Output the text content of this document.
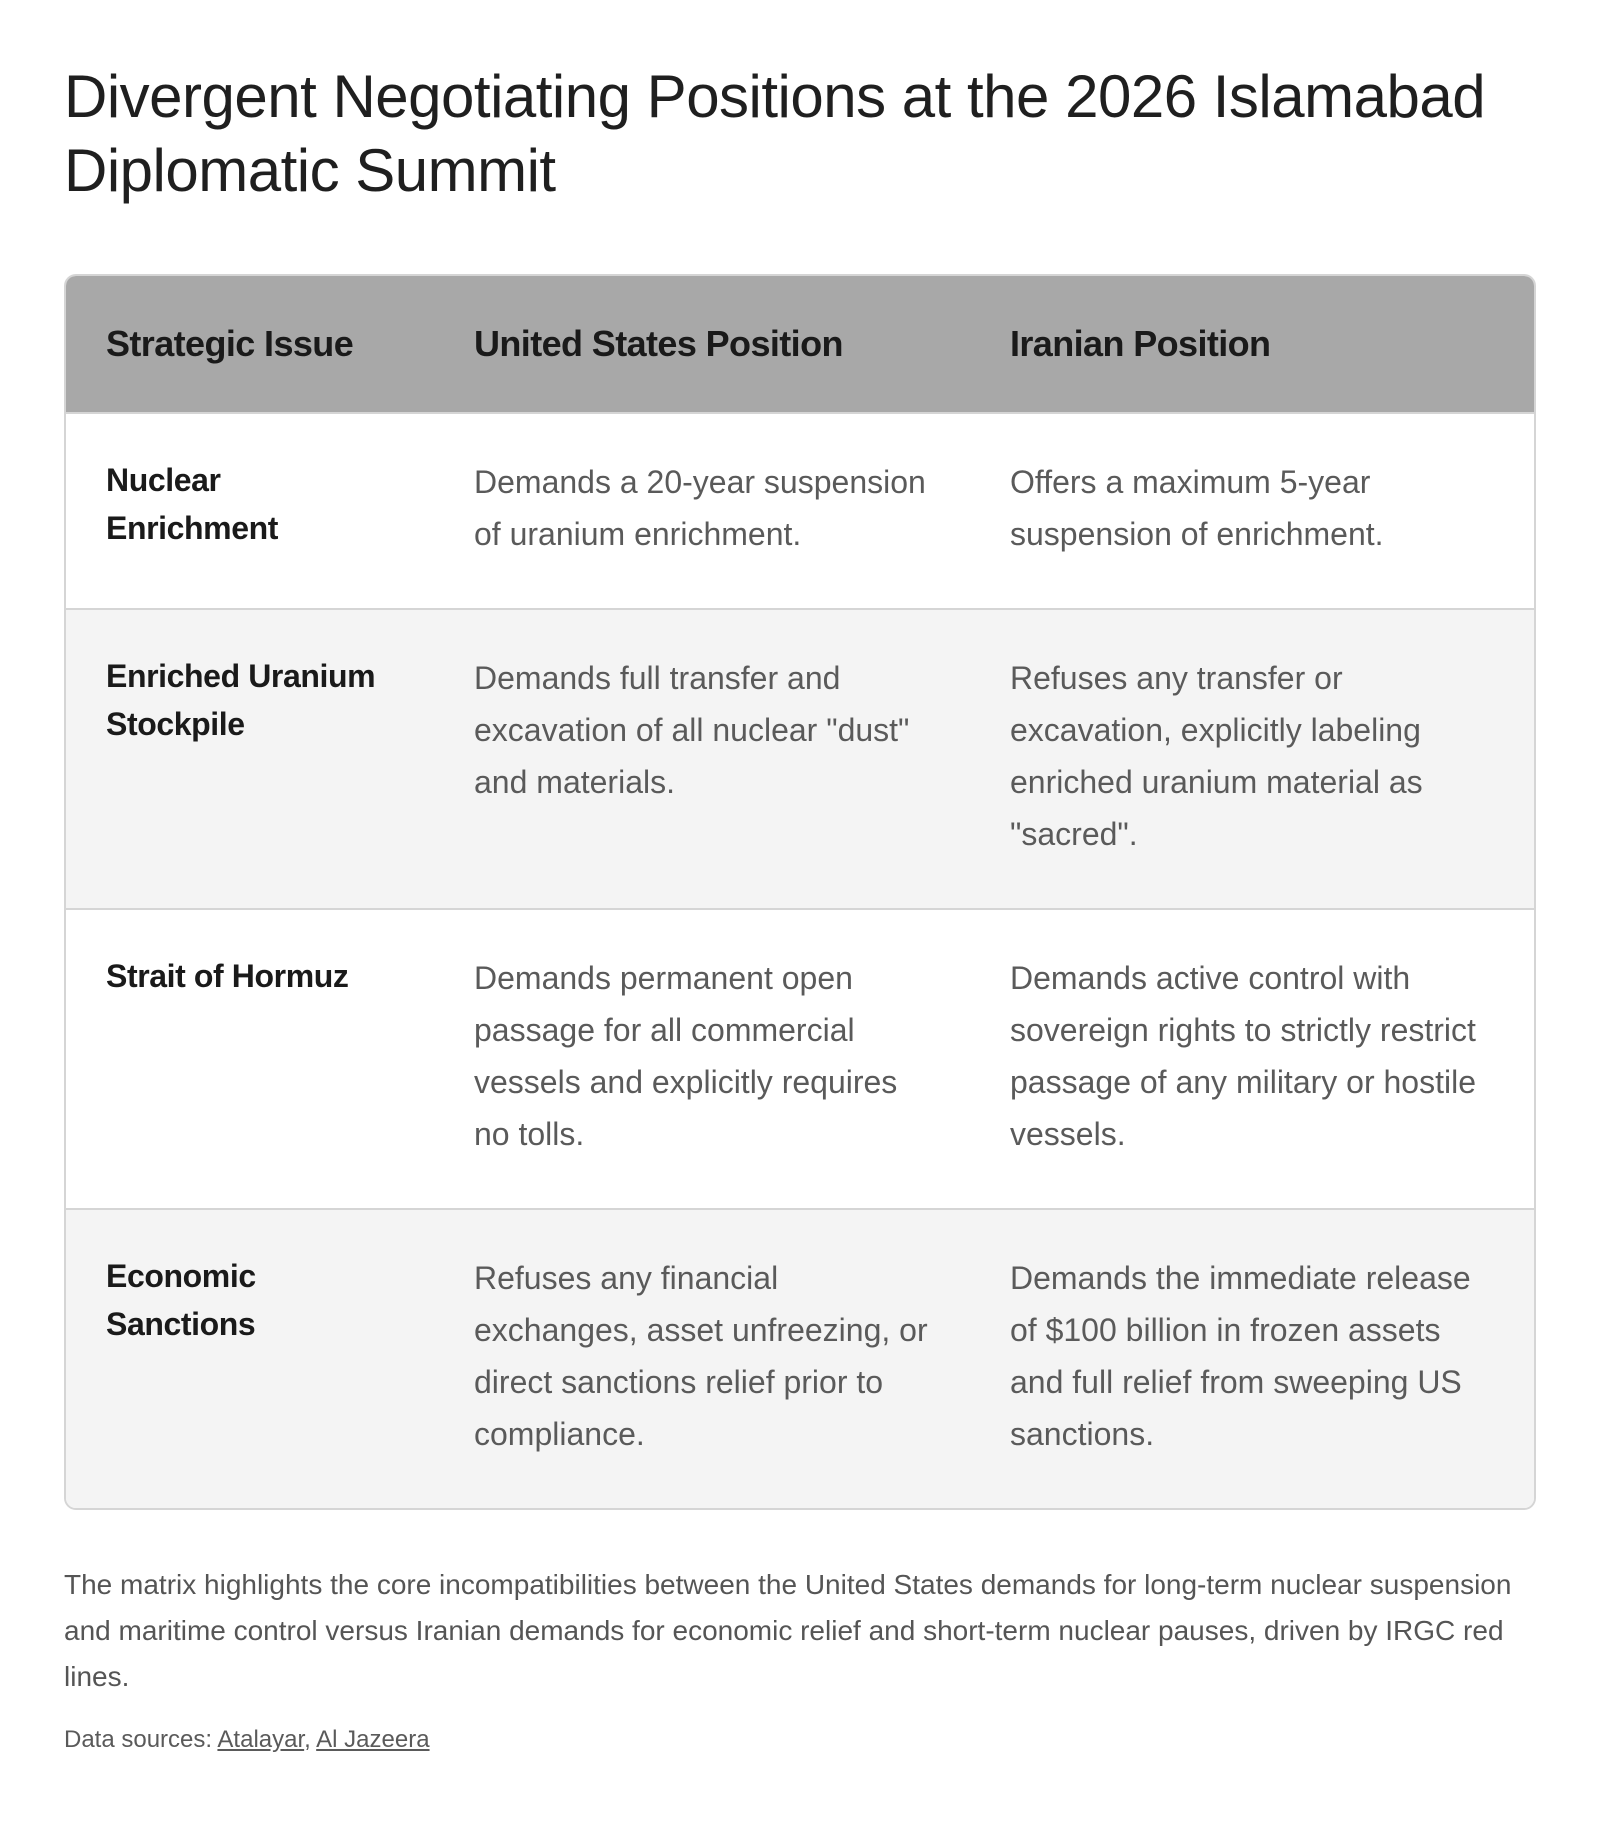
Divergent Negotiating Positions at the 2026 Islamabad Diplomatic Summit
Strategic Issue	United States Position	Iranian Position
Nuclear Enrichment	Demands a 20-year suspension of uranium enrichment.	Offers a maximum 5-year suspension of enrichment.
Enriched Uranium Stockpile	Demands full transfer and excavation of all nuclear "dust" and materials.	Refuses any transfer or excavation, explicitly labeling enriched uranium material as "sacred".
Strait of Hormuz	Demands permanent open passage for all commercial vessels and explicitly requires no tolls.	Demands active control with sovereign rights to strictly restrict passage of any military or hostile vessels.
Economic Sanctions	Refuses any financial exchanges, asset unfreezing, or direct sanctions relief prior to compliance.	Demands the immediate release of $100 billion in frozen assets and full relief from sweeping US sanctions.

The matrix highlights the core incompatibilities between the United States demands for long-term nuclear suspension and maritime control versus Iranian demands for economic relief and short-term nuclear pauses, driven by IRGC red lines.

Data sources: Atalayar, Al Jazeera
